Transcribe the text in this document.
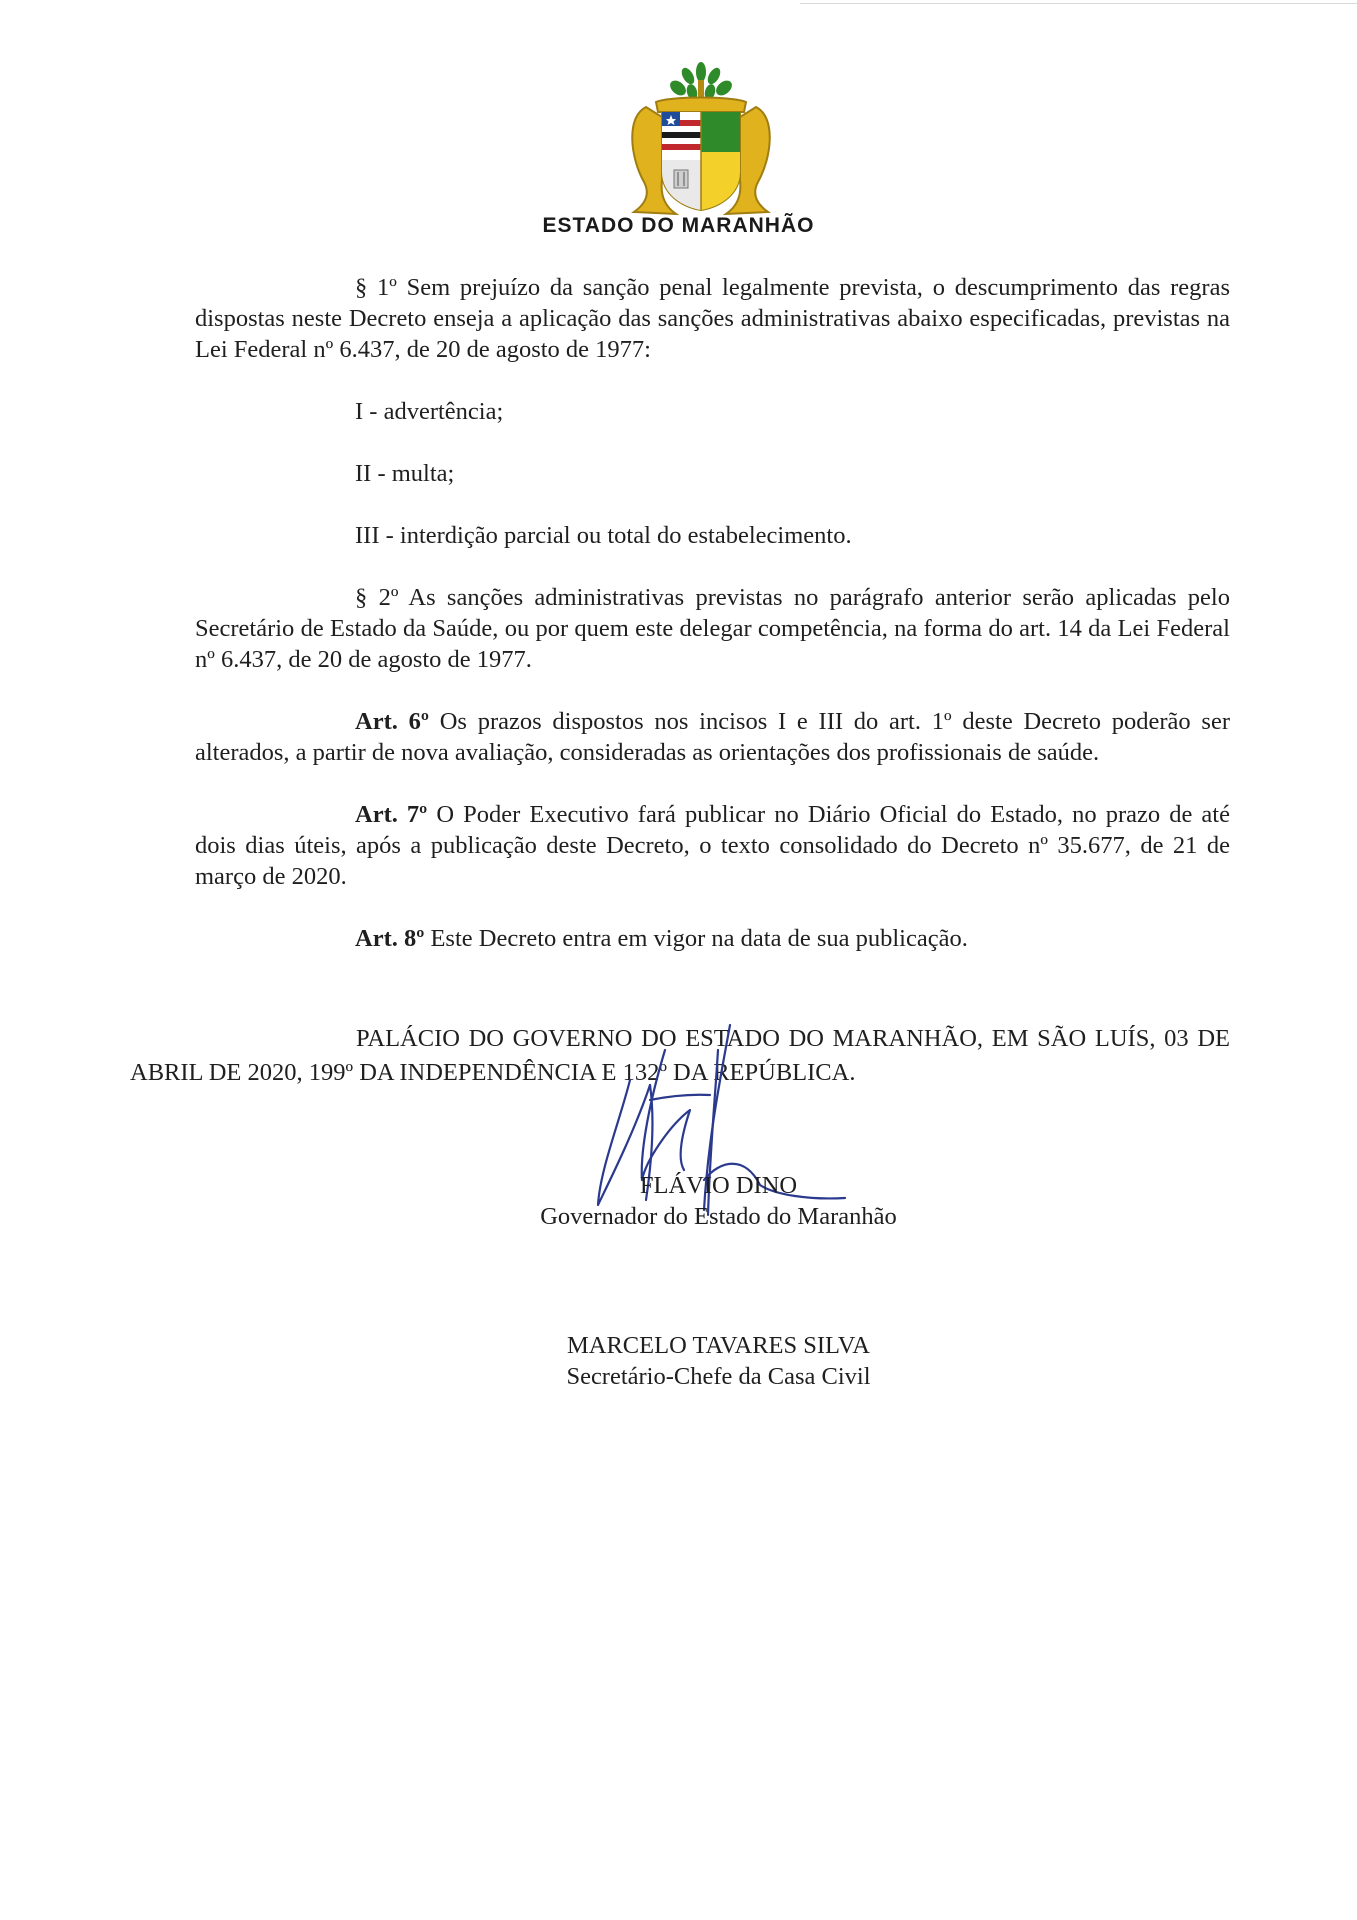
ESTADO DO MARANHÃO

§ 1º Sem prejuízo da sanção penal legalmente prevista, o descumprimento das regras dispostas neste Decreto enseja a aplicação das sanções administrativas abaixo especificadas, previstas na Lei Federal nº 6.437, de 20 de agosto de 1977:

I - advertência;

II - multa;

III - interdição parcial ou total do estabelecimento.

§ 2º As sanções administrativas previstas no parágrafo anterior serão aplicadas pelo Secretário de Estado da Saúde, ou por quem este delegar competência, na forma do art. 14 da Lei Federal nº 6.437, de 20 de agosto de 1977.

Art. 6º Os prazos dispostos nos incisos I e III do art. 1º deste Decreto poderão ser alterados, a partir de nova avaliação, consideradas as orientações dos profissionais de saúde.

Art. 7º O Poder Executivo fará publicar no Diário Oficial do Estado, no prazo de até dois dias úteis, após a publicação deste Decreto, o texto consolidado do Decreto nº 35.677, de 21 de março de 2020.

Art. 8º Este Decreto entra em vigor na data de sua publicação.

PALÁCIO DO GOVERNO DO ESTADO DO MARANHÃO, EM SÃO LUÍS, 03 DE ABRIL DE 2020, 199º DA INDEPENDÊNCIA E 132º DA REPÚBLICA.
FLÁVIO DINO
Governador do Estado do Maranhão
MARCELO TAVARES SILVA
Secretário-Chefe da Casa Civil
